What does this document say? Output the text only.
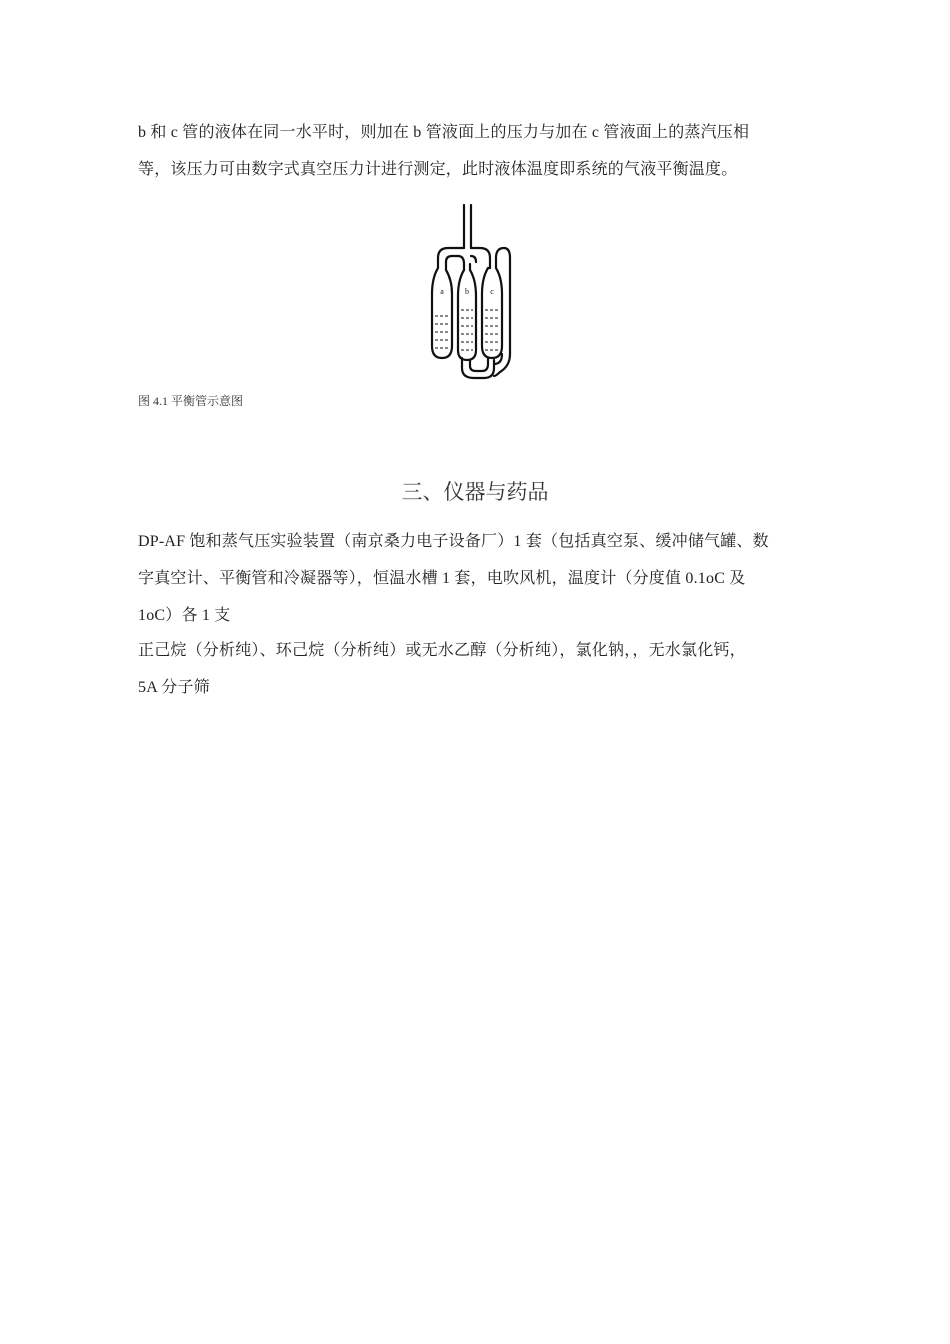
b 和 c 管的液体在同一水平时，则加在 b 管液面上的压力与加在 c 管液面上的蒸汽压相
等，该压力可由数字式真空压力计进行测定，此时液体温度即系统的气液平衡温度。

a	b	c
图 4.1 平衡管示意图
三、仪器与药品

DP-AF 饱和蒸气压实验装置（南京桑力电子设备厂）1 套（包括真空泵、缓冲储气罐、数
字真空计、平衡管和冷凝器等），恒温水槽 1 套，电吹风机，温度计（分度值 0.1oC 及
1oC）各 1 支

正己烷（分析纯）、环己烷（分析纯）或无水乙醇（分析纯），氯化钠，，无水氯化钙，
5A 分子筛
